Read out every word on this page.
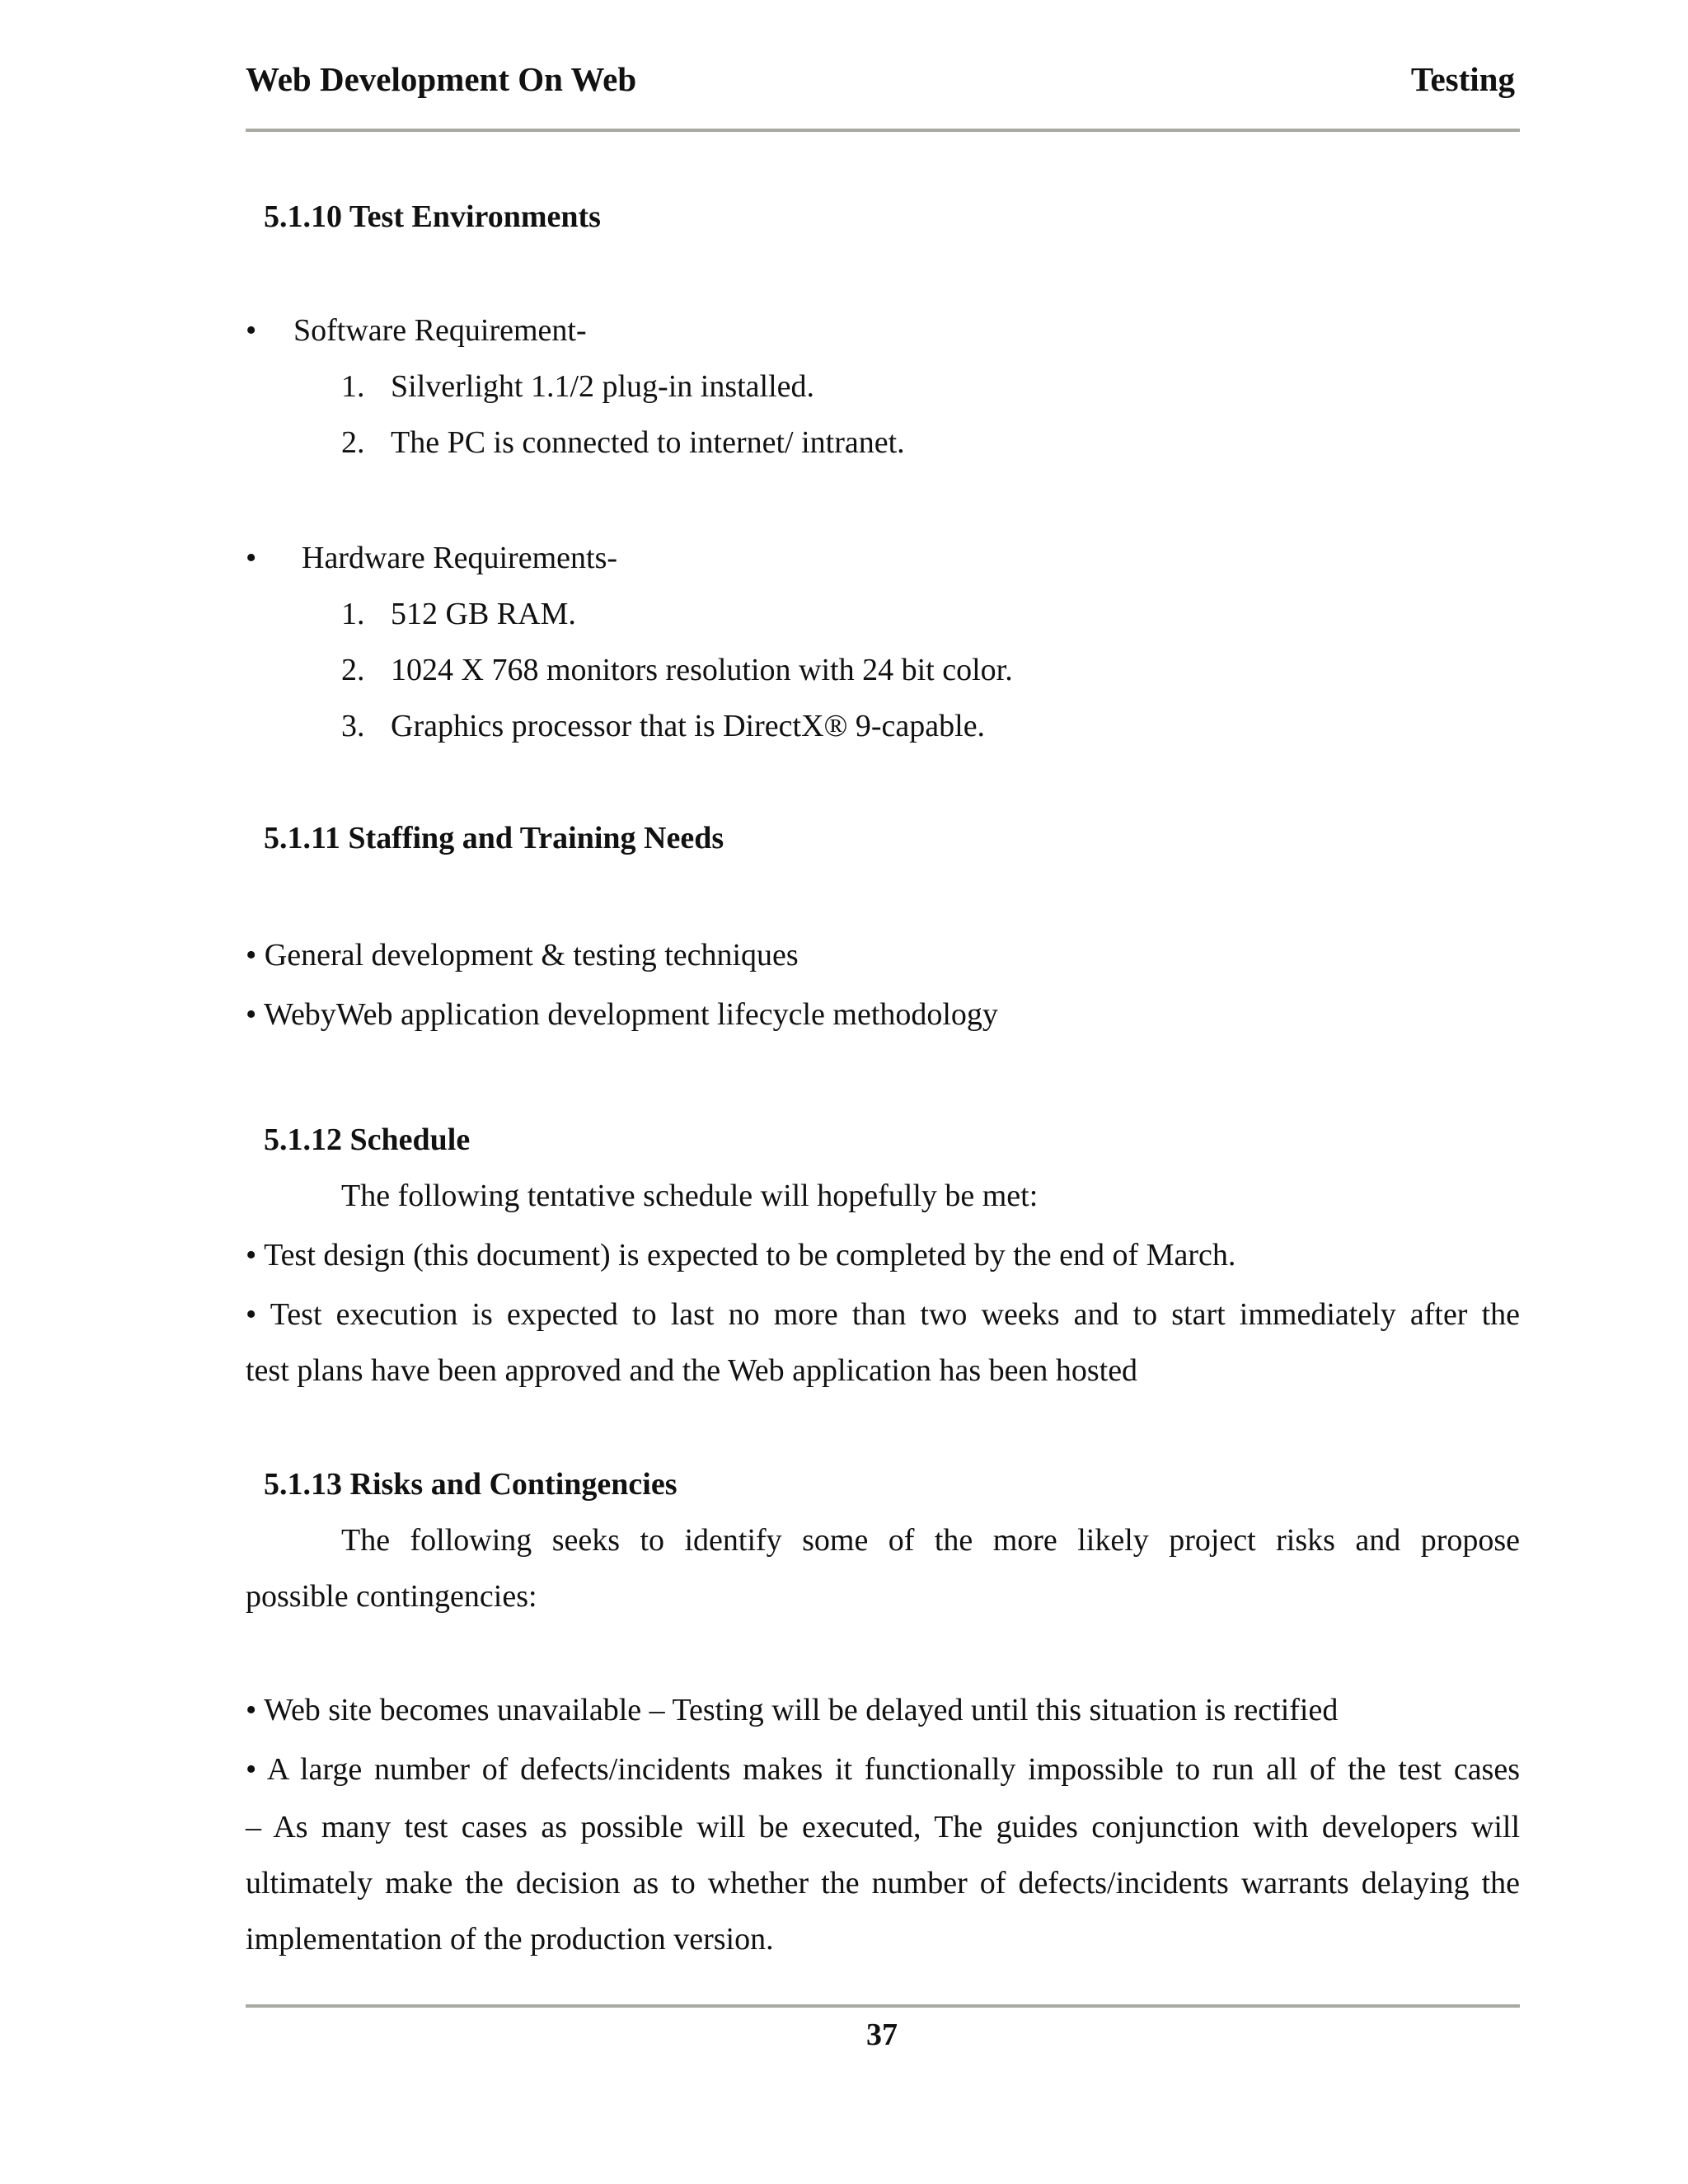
Web Development On Web	Testing
5.1.10 Test Environments
• Software Requirement-
1. Silverlight 1.1/2 plug-in installed.
2. The PC is connected to internet/ intranet.
• Hardware Requirements-
1. 512 GB RAM.
2. 1024 X 768 monitors resolution with 24 bit color.
3. Graphics processor that is DirectX® 9-capable.
5.1.11 Staffing and Training Needs
• General development & testing techniques
• WebyWeb application development lifecycle methodology
5.1.12 Schedule
The following tentative schedule will hopefully be met:
• Test design (this document) is expected to be completed by the end of March.
• Test execution is expected to last no more than two weeks and to start immediately after the
test plans have been approved and the Web application has been hosted
5.1.13 Risks and Contingencies
The following seeks to identify some of the more likely project risks and propose
possible contingencies:
• Web site becomes unavailable – Testing will be delayed until this situation is rectified
• A large number of defects/incidents makes it functionally impossible to run all of the test cases
– As many test cases as possible will be executed, The guides conjunction with developers will
ultimately make the decision as to whether the number of defects/incidents warrants delaying the
implementation of the production version.
37
